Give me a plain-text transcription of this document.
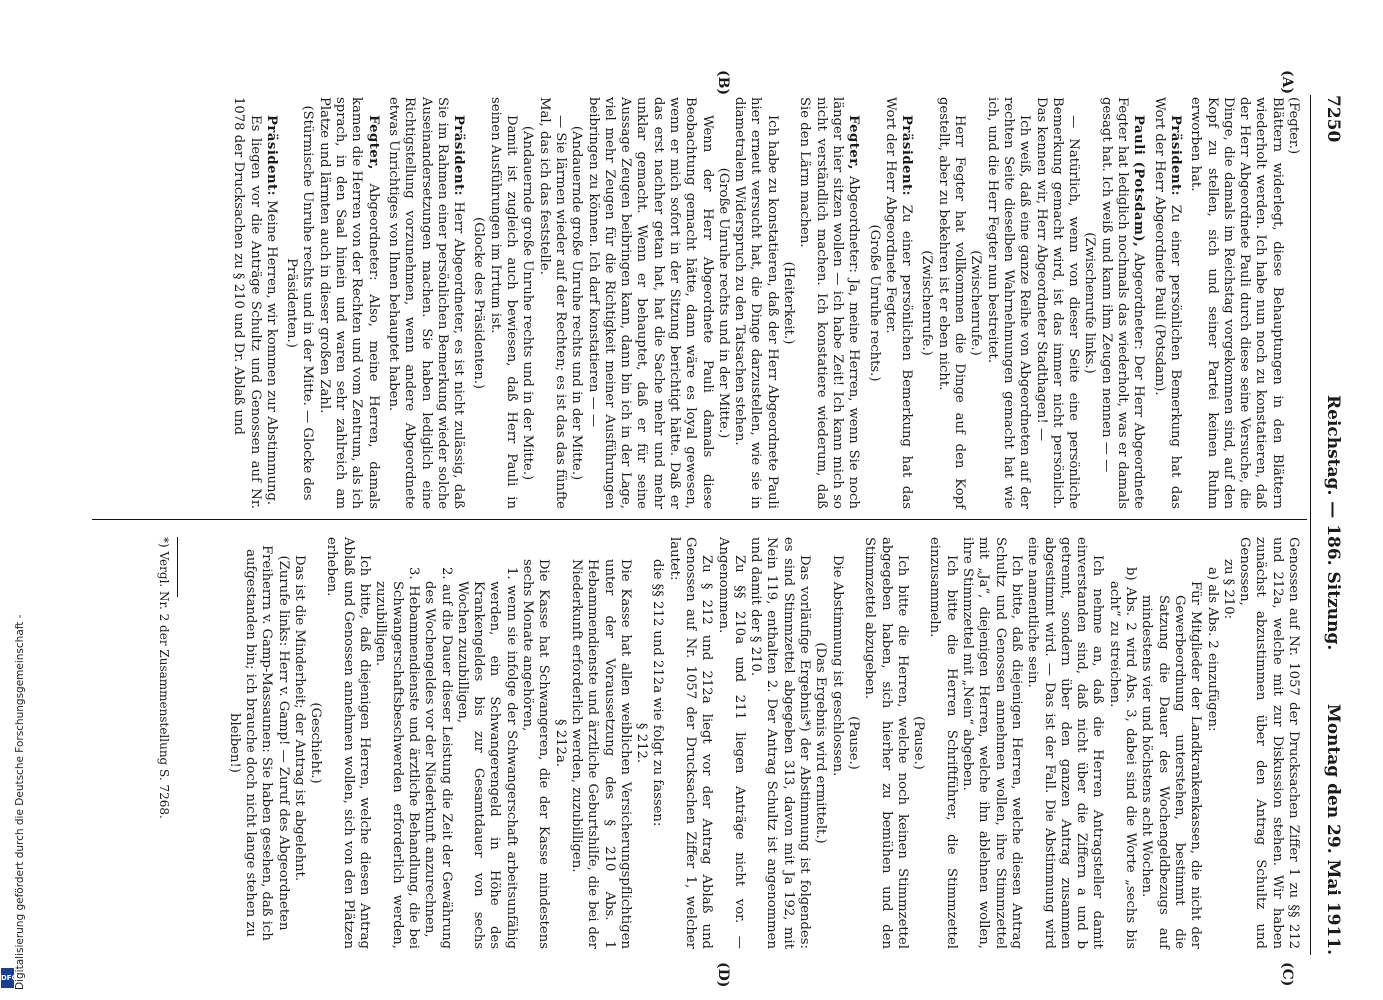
Digitalisierung gefördert durch die Deutsche Forschungsgemeinschaft -
DFG
7250
Reichstag. — 186. Sitzung.
Montag den 29. Mai 1911.
(A)
(B)
(C)
(D)

(Fegter.)

Blättern widerlegt, diese Behauptungen in den Blättern wiederholt werden. Ich habe nun noch zu konstatieren, daß der Herr Abgeordnete Pauli durch diese seine Versuche, die Dinge, die damals im Reichstag vorgekommen sind, auf den Kopf zu stellen, sich und seiner Partei keinen Ruhm erworben hat.

Präsident: Zu einer persönlichen Bemerkung hat das Wort der Herr Abgeordnete Pauli (Potsdam).

Pauli (Potsdam), Abgeordneter: Der Herr Abgeordnete Fegter hat lediglich nochmals das wiederholt, was er damals gesagt hat. Ich weiß und kann ihm Zeugen nennen — —

(Zwischenrufe links.)

— Natürlich, wenn von dieser Seite eine persönliche Bemerkung gemacht wird, ist das immer nicht persönlich. Das kennen wir, Herr Abgeordneter Stadthagen! —

Ich weiß, daß eine ganze Reihe von Abgeordneten auf der rechten Seite dieselben Wahrnehmungen gemacht hat wie ich, und die Herr Fegter nun bestreitet.

(Zwischenrufe.)

Herr Fegter hat vollkommen die Dinge auf den Kopf gestellt, aber zu bekehren ist er eben nicht.

(Zwischenrufe.)

Präsident: Zu einer persönlichen Bemerkung hat das Wort der Herr Abgeordnete Fegter.

(Große Unruhe rechts.)

Fegter, Abgeordneter: Ja, meine Herren, wenn Sie noch länger hier sitzen wollen — ich habe Zeit! Ich kann mich so nicht verständlich machen. Ich konstatiere wiederum, daß Sie den Lärm machen.

(Heiterkeit.)

Ich habe zu konstatieren, daß der Herr Abgeordnete Pauli hier erneut versucht hat, die Dinge darzustellen, wie sie in diametralem Widerspruch zu den Tatsachen stehen.

(Große Unruhe rechts und in der Mitte.)

Wenn der Herr Abgeordnete Pauli damals diese Beobachtung gemacht hätte, dann wäre es loyal gewesen, wenn er mich sofort in der Sitzung berichtigt hätte. Daß er das erst nachher getan hat, hat die Sache mehr und mehr unklar gemacht. Wenn er behauptet, daß er für seine Aussage Zeugen beibringen kann, dann bin ich in der Lage, viel mehr Zeugen für die Richtigkeit meiner Ausführungen beibringen zu können. Ich darf konstatieren — —

(Andauernde große Unruhe rechts und in der Mitte.)

— Sie lärmen wieder auf der Rechten; es ist das das fünfte Mal, das ich das feststelle.

(Andauernde große Unruhe rechts und in der Mitte.)

Damit ist zugleich auch bewiesen, daß Herr Pauli in seinen Ausführungen im Irrtum ist.

(Glocke des Präsidenten.)

Präsident: Herr Abgeordneter, es ist nicht zulässig, daß Sie im Rahmen einer persönlichen Bemerkung wieder solche Auseinandersetzungen machen. Sie haben lediglich eine Richtigstellung vorzunehmen, wenn andere Abgeordnete etwas Unrichtiges von Ihnen behauptet haben.

Fegter, Abgeordneter: Also, meine Herren, damals kamen die Herren von der Rechten und vom Zentrum, als ich sprach, in den Saal hinein und waren sehr zahlreich am Platze und lärmten auch in dieser großen Zahl.

(Stürmische Unruhe rechts und in der Mitte. — Glocke des Präsidenten.)

Präsident: Meine Herren, wir kommen zur Abstimmung.

Es liegen vor die Anträge Schultz und Genossen auf Nr. 1078 der Drucksachen zu § 210 und Dr. Ablaß und

Genossen auf Nr. 1057 der Drucksachen Ziffer 1 zu §§ 212 und 212a, welche mit zur Diskussion stehen. Wir haben zunächst abzustimmen über den Antrag Schultz und Genossen,

zu § 210:

a) als Abs. 2 einzufügen:

Für Mitglieder der Landkrankenkassen, die nicht der Gewerbeordnung unterstehen, bestimmt die Satzung die Dauer des Wochengeldbezugs auf mindestens vier und höchstens acht Wochen.

b) Abs. 2 wird Abs. 3, dabei sind die Worte „sechs bis acht“ zu streichen.

Ich nehme an, daß die Herren Antragsteller damit einverstanden sind, daß nicht über die Ziffern a und b getrennt, sondern über den ganzen Antrag zusammen abgestimmt wird. — Das ist der Fall. Die Abstimmung wird eine namentliche sein.

Ich bitte, daß diejenigen Herren, welche diesen Antrag Schultz und Genossen annehmen wollen, ihre Stimmzettel mit „Ja“, diejenigen Herren, welche ihn ablehnen wollen, ihre Stimmzettel mit „Nein“ abgeben.

Ich bitte die Herren Schriftführer, die Stimmzettel einzusammeln.

(Pause.)

Ich bitte die Herren, welche noch keinen Stimmzettel abgegeben haben, sich hierher zu bemühen und den Stimmzettel abzugeben.

(Pause.)

Die Abstimmung ist geschlossen.

(Das Ergebnis wird ermittelt.)

Das vorläufige Ergebnis*) der Abstimmung ist folgendes: es sind Stimmzettel abgegeben 313, davon mit Ja 192, mit Nein 119, enthalten 2. Der Antrag Schultz ist angenommen und damit der § 210.

Zu §§ 210a und 211 liegen Anträge nicht vor. — Angenommen.

Zu § 212 und 212a liegt vor der Antrag Ablaß und Genossen auf Nr. 1057 der Drucksachen Ziffer 1, welcher lautet:

die §§ 212 und 212a wie folgt zu fassen:

§ 212.

Die Kasse hat allen weiblichen Versicherungspflichtigen unter der Voraussetzung des § 210 Abs. 1 Hebammendienste und ärztliche Geburtshilfe, die bei der Niederkunft erforderlich werden, zuzubilligen.

§ 212a.

Die Kasse hat Schwangeren, die der Kasse mindestens sechs Monate angehören,

1. wenn sie infolge der Schwangerschaft arbeitsunfähig werden, ein Schwangerengeld in Höhe des Krankengeldes bis zur Gesamtdauer von sechs Wochen zuzubilligen,

2. auf die Dauer dieser Leistung die Zeit der Gewährung des Wochengeldes vor der Niederkunft anzurechnen,

3. Hebammendienste und ärztliche Behandlung, die bei Schwangerschaftsbeschwerden erforderlich werden, zuzubilligen.

Ich bitte, daß diejenigen Herren, welche diesen Antrag Ablaß und Genossen annehmen wollen, sich von den Plätzen erheben.

(Geschieht.)

Das ist die Minderheit; der Antrag ist abgelehnt.

(Zurufe links: Herr v. Gamp! — Zuruf des Abgeordneten Freiherrn v. Gamp-Massaunen: Sie haben gesehen, daß ich aufgestanden bin; ich brauche doch nicht lange stehen zu bleiben!)

*) Vergl. Nr. 2 der Zusammenstellung S. 7268.
